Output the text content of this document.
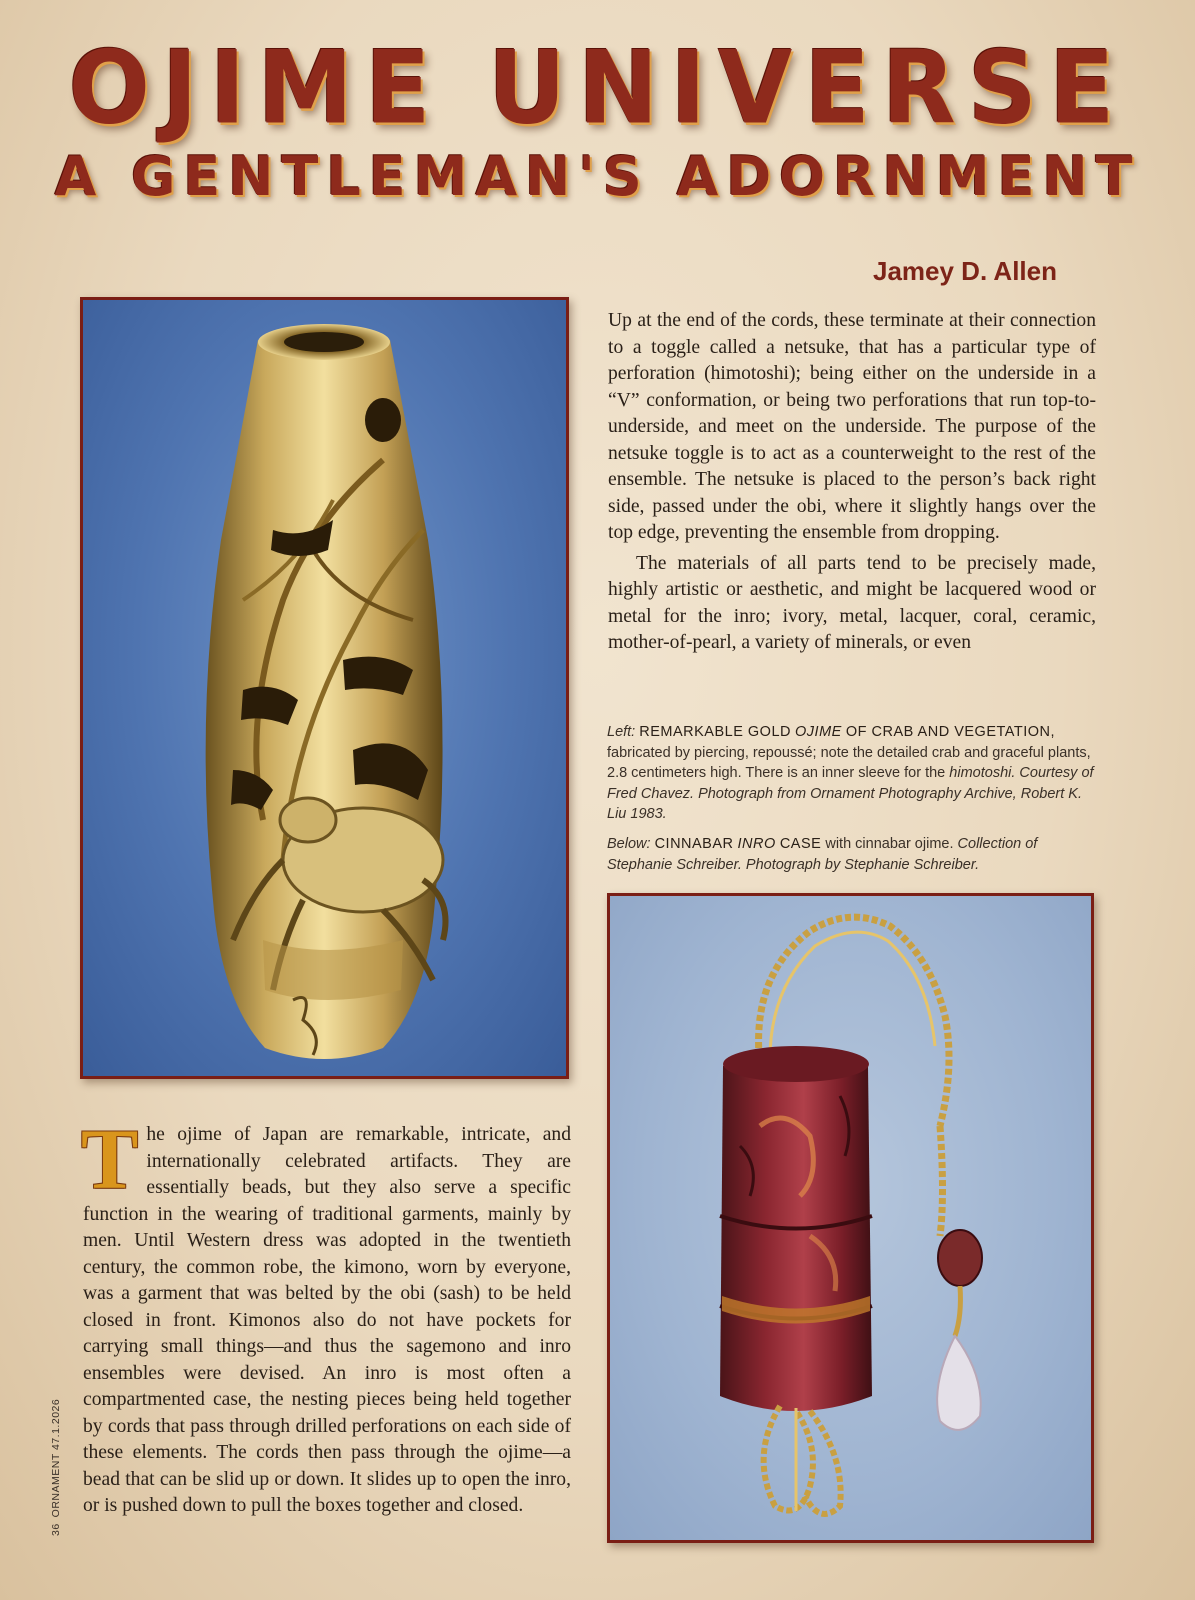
OJIME UNIVERSE
A GENTLEMAN'S ADORNMENT
Jamey D. Allen

Up at the end of the cords, these terminate at their connection to a toggle called a netsuke, that has a particular type of perforation (himotoshi); being either on the underside in a “V” conformation, or being two perforations that run top-to-underside, and meet on the underside. The purpose of the netsuke toggle is to act as a counterweight to the rest of the ensemble. The netsuke is placed to the person’s back right side, passed under the obi, where it slightly hangs over the top edge, preventing the ensemble from dropping.

The materials of all parts tend to be precisely made, highly artistic or aesthetic, and might be lacquered wood or metal for the inro; ivory, metal, lacquer, coral, ceramic, mother-of-pearl, a variety of minerals, or even

Left: REMARKABLE GOLD OJIME OF CRAB AND VEGETATION, fabricated by piercing, repoussé; note the detailed crab and graceful plants, 2.8 centimeters high. There is an inner sleeve for the himotoshi. Courtesy of Fred Chavez. Photograph from Ornament Photography Archive, Robert K. Liu 1983.
Below: CINNABAR INRO CASE with cinnabar ojime. Collection of Stephanie Schreiber. Photograph by Stephanie Schreiber.
T he ojime of Japan are remarkable, intricate, and internationally celebrated artifacts. They are essentially beads, but they also serve a specific function in the wearing of traditional garments, mainly by men. Until Western dress was adopted in the twentieth century, the common robe, the kimono, worn by everyone, was a garment that was belted by the obi (sash) to be held closed in front. Kimonos also do not have pockets for carrying small things—and thus the sagemono and inro ensembles were devised. An inro is most often a compartmented case, the nesting pieces being held together by cords that pass through drilled perforations on each side of these elements. The cords then pass through the ojime—a bead that can be slid up or down. It slides up to open the inro, or is pushed down to pull the boxes together and closed.

36ORNAMENT 47.1.2026
